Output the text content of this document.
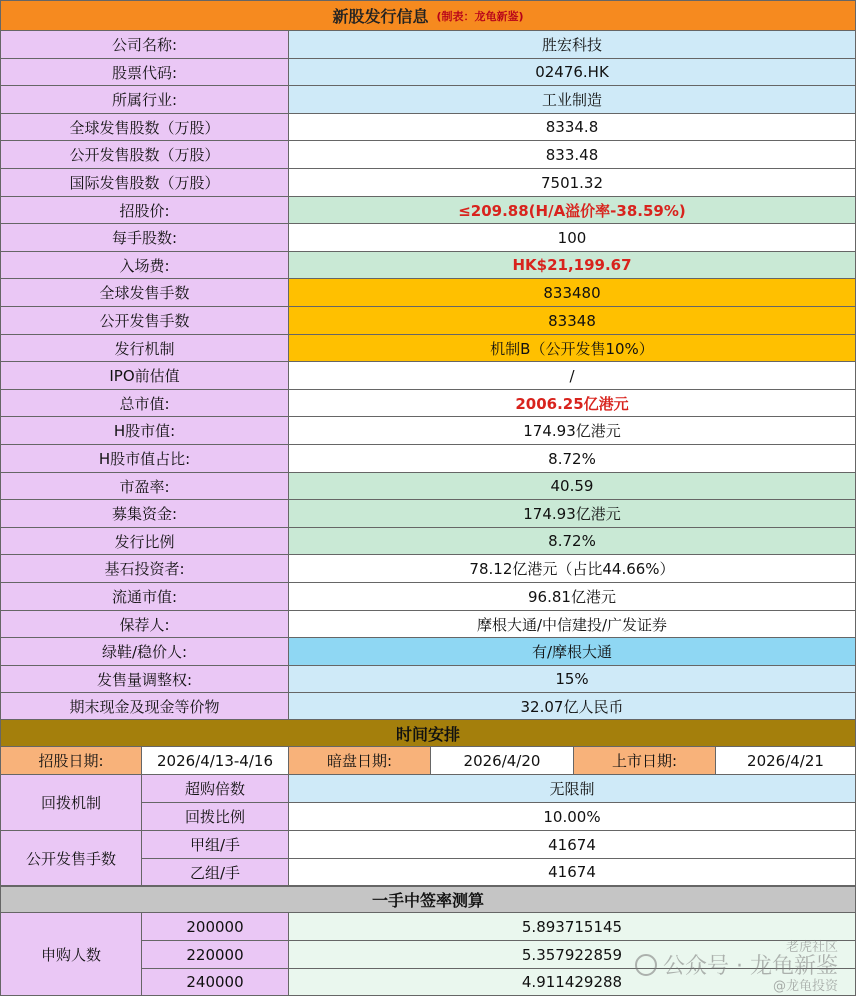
新股发行信息 (制表：龙龟新鉴)
公司名称:	胜宏科技
股票代码:	02476.HK
所属行业:	工业制造
全球发售股数（万股）	8334.8
公开发售股数（万股）	833.48
国际发售股数（万股）	7501.32
招股价:	≤209.88(H/A溢价率-38.59%)
每手股数:	100
入场费:	HK$21,199.67
全球发售手数	833480
公开发售手数	83348
发行机制	机制B（公开发售10%）
IPO前估值	/
总市值:	2006.25亿港元
H股市值:	174.93亿港元
H股市值占比:	8.72%
市盈率:	40.59
募集资金:	174.93亿港元
发行比例	8.72%
基石投资者:	78.12亿港元（占比44.66%）
流通市值:	96.81亿港元
保荐人:	摩根大通/中信建投/广发证券
绿鞋/稳价人:	有/摩根大通
发售量调整权:	15%
期末现金及现金等价物	32.07亿人民币
时间安排
招股日期:	2026/4/13-4/16	暗盘日期:	2026/4/20	上市日期:	2026/4/21
回拨机制
超购倍数	无限制
回拨比例	10.00%
公开发售手数
甲组/手	41674
乙组/手	41674
一手中签率测算
申购人数
200000	5.893715145
220000	5.357922859
240000	4.911429288
老虎社区
公众号 · 龙龟新鉴
@龙龟投资
